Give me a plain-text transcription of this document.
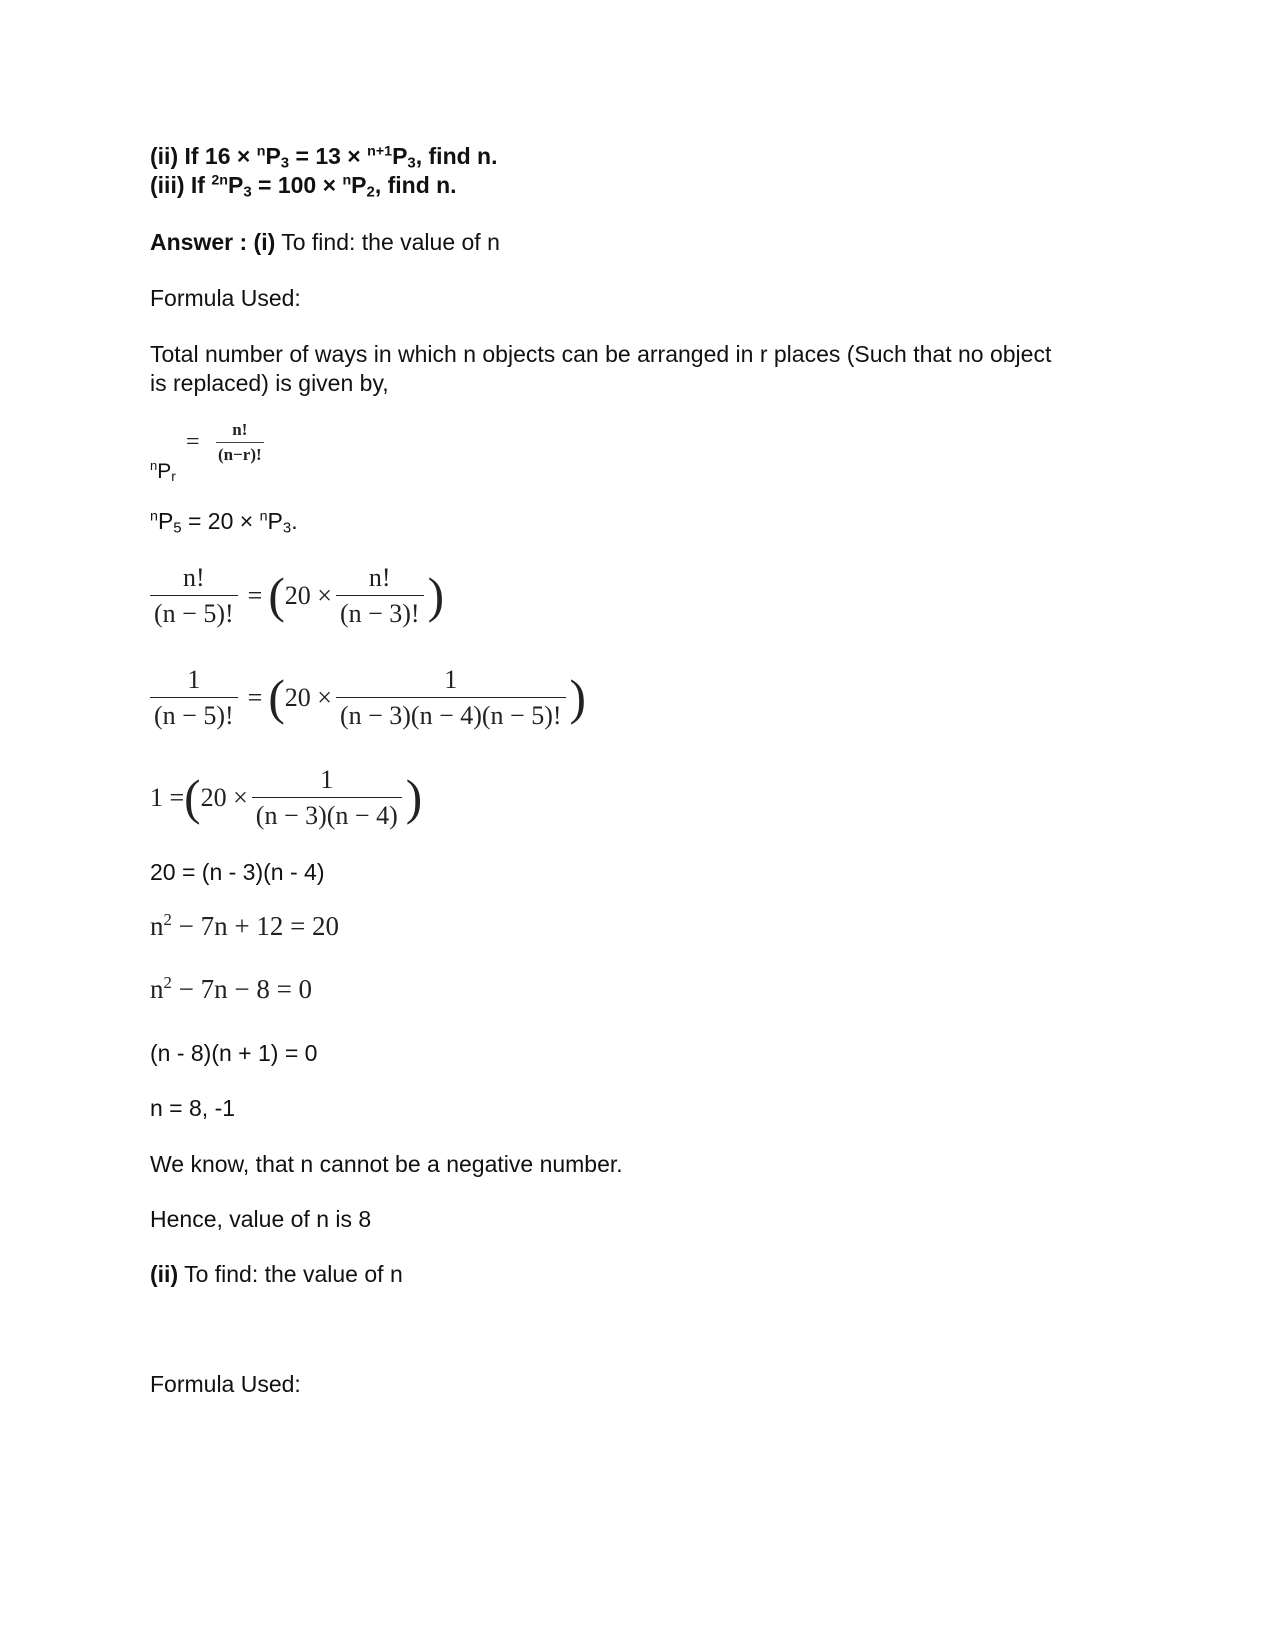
(ii) If $16 \times ^nP_3 = 13 \times ^{n+1}P_3$, find n.
(iii) If $^{2n}P_3 = 100 \times ^nP_2$, find n.
Answer : (i) To find: the value of n
Formula Used:
Total number of ways in which n objects can be arranged in r places (Such that no object is replaced) is given by,
$^nP_r$
= $\frac{n!}{(n-r)!}$
$^nP_5 = 20 \times ^nP_3$.
$\frac{n!}{(n - 5)!} = (20 \times \frac{n!}{(n - 3)!}$ )
$\frac{1}{(n - 5)!} = (20 \times \frac{1}{(n - 3)(n - 4)(n - 5)!}$ )
$1 =(20 \times \frac{1}{(n - 3)(n - 4)}$ )
20 = (n - 3)(n - 4)
$n^2 - 7n + 12 = 20$
$n^2 - 7n - 8 = 0$
(n - 8)(n + 1) = 0
n = 8, -1
We know, that n cannot be a negative number.
Hence, value of n is 8
(ii) To find: the value of n
Formula Used:
